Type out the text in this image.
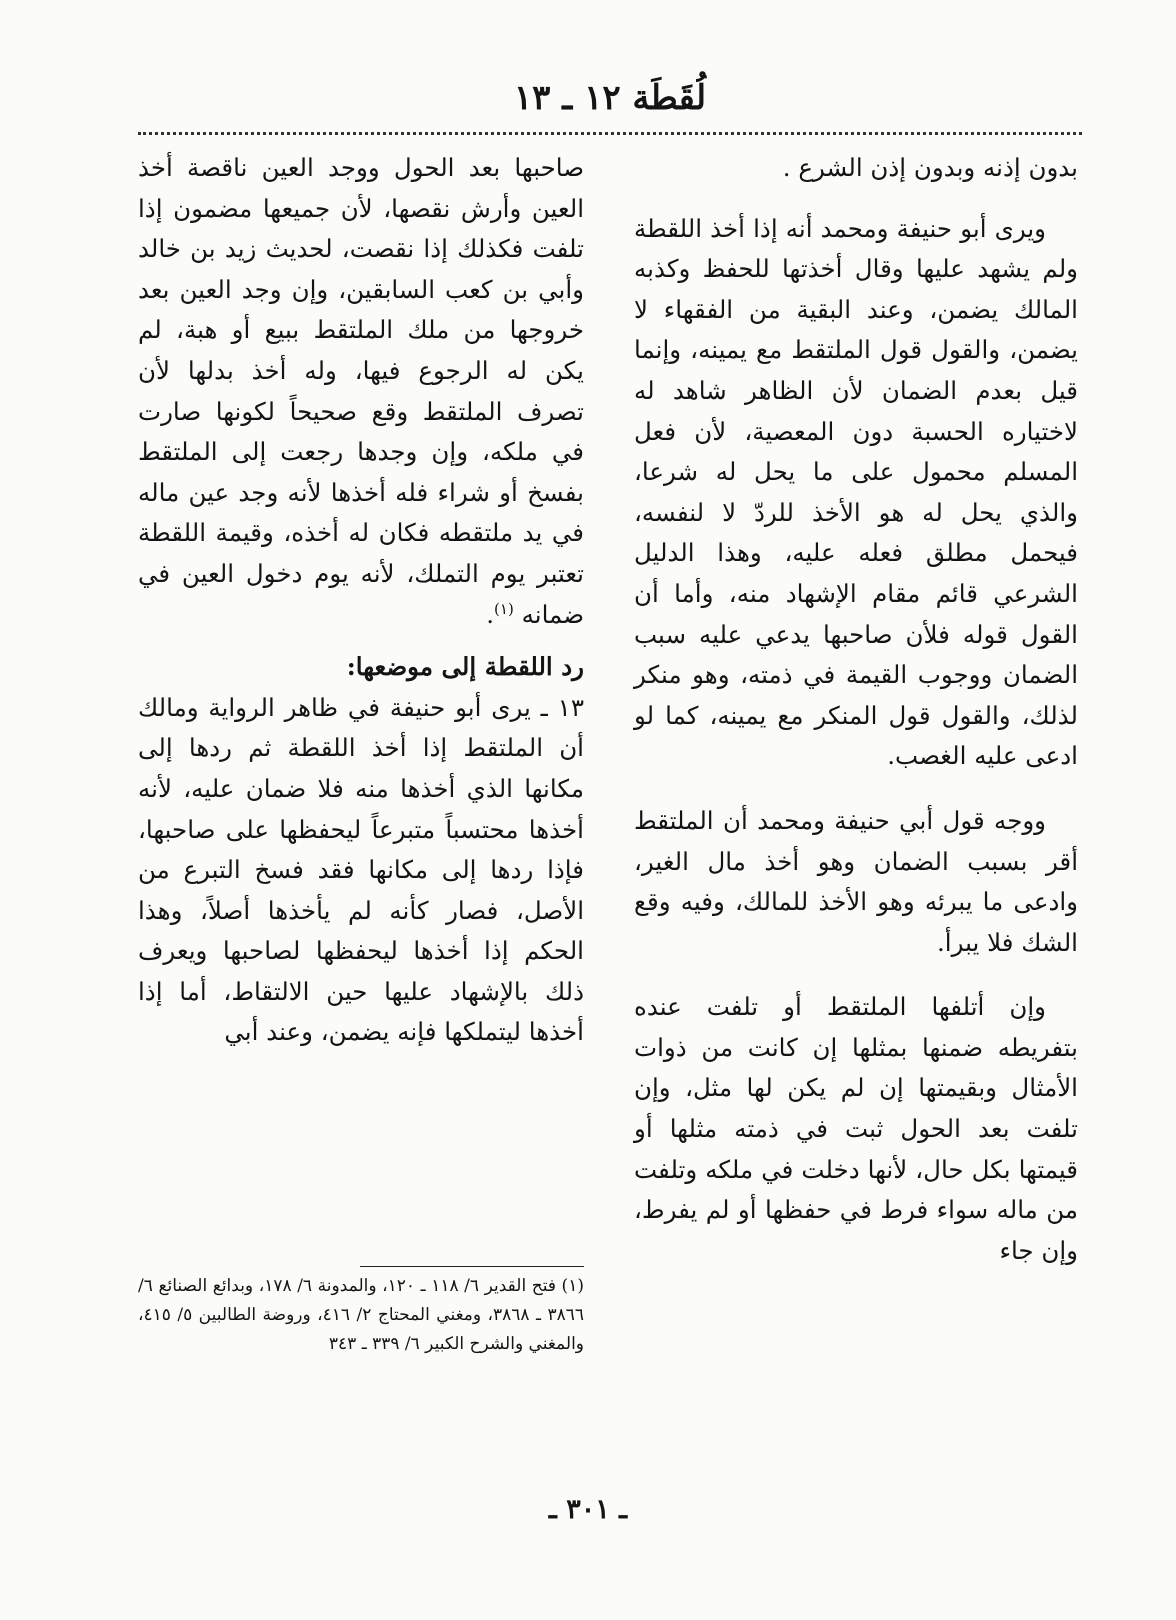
لُقَطَة ١٢ ـ ١٣

بدون إذنه وبدون إذن الشرع .

ويرى أبو حنيفة ومحمد أنه إذا أخذ اللقطة ولم يشهد عليها وقال أخذتها للحفظ وكذبه المالك يضمن، وعند البقية من الفقهاء لا يضمن، والقول قول الملتقط مع يمينه، وإنما قيل بعدم الضمان لأن الظاهر شاهد له لاختياره الحسبة دون المعصية، لأن فعل المسلم محمول على ما يحل له شرعا، والذي يحل له هو الأخذ للردّ لا لنفسه، فيحمل مطلق فعله عليه، وهذا الدليل الشرعي قائم مقام الإشهاد منه، وأما أن القول قوله فلأن صاحبها يدعي عليه سبب الضمان ووجوب القيمة في ذمته، وهو منكر لذلك، والقول قول المنكر مع يمينه، كما لو ادعى عليه الغصب.

ووجه قول أبي حنيفة ومحمد أن الملتقط أقر بسبب الضمان وهو أخذ مال الغير، وادعى ما يبرئه وهو الأخذ للمالك، وفيه وقع الشك فلا يبرأ.

وإن أتلفها الملتقط أو تلفت عنده بتفريطه ضمنها بمثلها إن كانت من ذوات الأمثال وبقيمتها إن لم يكن لها مثل، وإن تلفت بعد الحول ثبت في ذمته مثلها أو قيمتها بكل حال، لأنها دخلت في ملكه وتلفت من ماله سواء فرط في حفظها أو لم يفرط، وإن جاء

صاحبها بعد الحول ووجد العين ناقصة أخذ العين وأرش نقصها، لأن جميعها مضمون إذا تلفت فكذلك إذا نقصت، لحديث زيد بن خالد وأبي بن كعب السابقين، وإن وجد العين بعد خروجها من ملك الملتقط ببيع أو هبة، لم يكن له الرجوع فيها، وله أخذ بدلها لأن تصرف الملتقط وقع صحيحاً لكونها صارت في ملكه، وإن وجدها رجعت إلى الملتقط بفسخ أو شراء فله أخذها لأنه وجد عين ماله في يد ملتقطه فكان له أخذه، وقيمة اللقطة تعتبر يوم التملك، لأنه يوم دخول العين في ضمانه $^{(١)}$.

رد اللقطة إلى موضعها:

١٣ ـ يرى أبو حنيفة في ظاهر الرواية ومالك أن الملتقط إذا أخذ اللقطة ثم ردها إلى مكانها الذي أخذها منه فلا ضمان عليه، لأنه أخذها محتسباً متبرعاً ليحفظها على صاحبها، فإذا ردها إلى مكانها فقد فسخ التبرع من الأصل، فصار كأنه لم يأخذها أصلاً، وهذا الحكم إذا أخذها ليحفظها لصاحبها ويعرف ذلك بالإشهاد عليها حين الالتقاط، أما إذا أخذها ليتملكها فإنه يضمن، وعند أبي

(١) فتح القدير ٦/ ١١٨ ـ ١٢٠، والمدونة ٦/ ١٧٨، وبدائع الصنائع ٦/ ٣٨٦٦ ـ ٣٨٦٨، ومغني المحتاج ٢/ ٤١٦، وروضة الطالبين ٥/ ٤١٥، والمغني والشرح الكبير ٦/ ٣٣٩ ـ ٣٤٣

ـ ٣٠١ ـ
